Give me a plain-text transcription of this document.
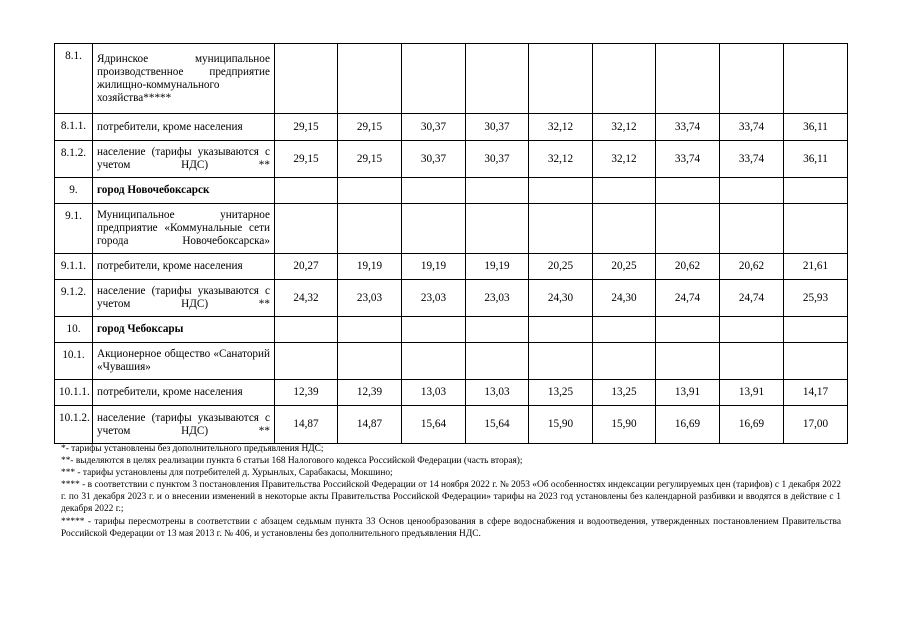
8.1.	Ядринское муниципальное производственное предприятие жилищно-коммунального хозяйства*****									
8.1.1.	потребители, кроме населения	29,15	29,15	30,37	30,37	32,12	32,12	33,74	33,74	36,11
8.1.2.	население (тарифы указываются с учетом НДС) **	29,15	29,15	30,37	30,37	32,12	32,12	33,74	33,74	36,11
9.	город Новочебоксарск									
9.1.	Муниципальное унитарное предприятие «Коммунальные сети города Новочебоксарска»									
9.1.1.	потребители, кроме населения	20,27	19,19	19,19	19,19	20,25	20,25	20,62	20,62	21,61
9.1.2.	население (тарифы указываются с учетом НДС) **	24,32	23,03	23,03	23,03	24,30	24,30	24,74	24,74	25,93
10.	город Чебоксары									
10.1.	Акционерное общество «Санаторий «Чувашия»									
10.1.1.	потребители, кроме населения	12,39	12,39	13,03	13,03	13,25	13,25	13,91	13,91	14,17
10.1.2.	население (тарифы указываются с учетом НДС) **	14,87	14,87	15,64	15,64	15,90	15,90	16,69	16,69	17,00

*- тарифы установлены без дополнительного предъявления НДС;

**- выделяются в целях реализации пункта 6 статьи 168 Налогового кодекса Российской Федерации (часть вторая);

*** - тарифы установлены для потребителей д. Хурынлых, Сарабакасы, Мокшино;

**** - в соответствии с пунктом 3 постановления Правительства Российской Федерации от 14 ноября 2022 г. № 2053 «Об особенностях индексации регулируемых цен (тарифов) с 1 декабря 2022 г. по 31 декабря 2023 г. и о внесении изменений в некоторые акты Правительства Российской Федерации» тарифы на 2023 год установлены без календарной разбивки и вводятся в действие с 1 декабря 2022 г.;

***** - тарифы пересмотрены в соответствии с абзацем седьмым пункта 33 Основ ценообразования в сфере водоснабжения и водоотведения, утвержденных постановлением Правительства Российской Федерации от 13 мая 2013 г. № 406, и установлены без дополнительного предъявления НДС.
